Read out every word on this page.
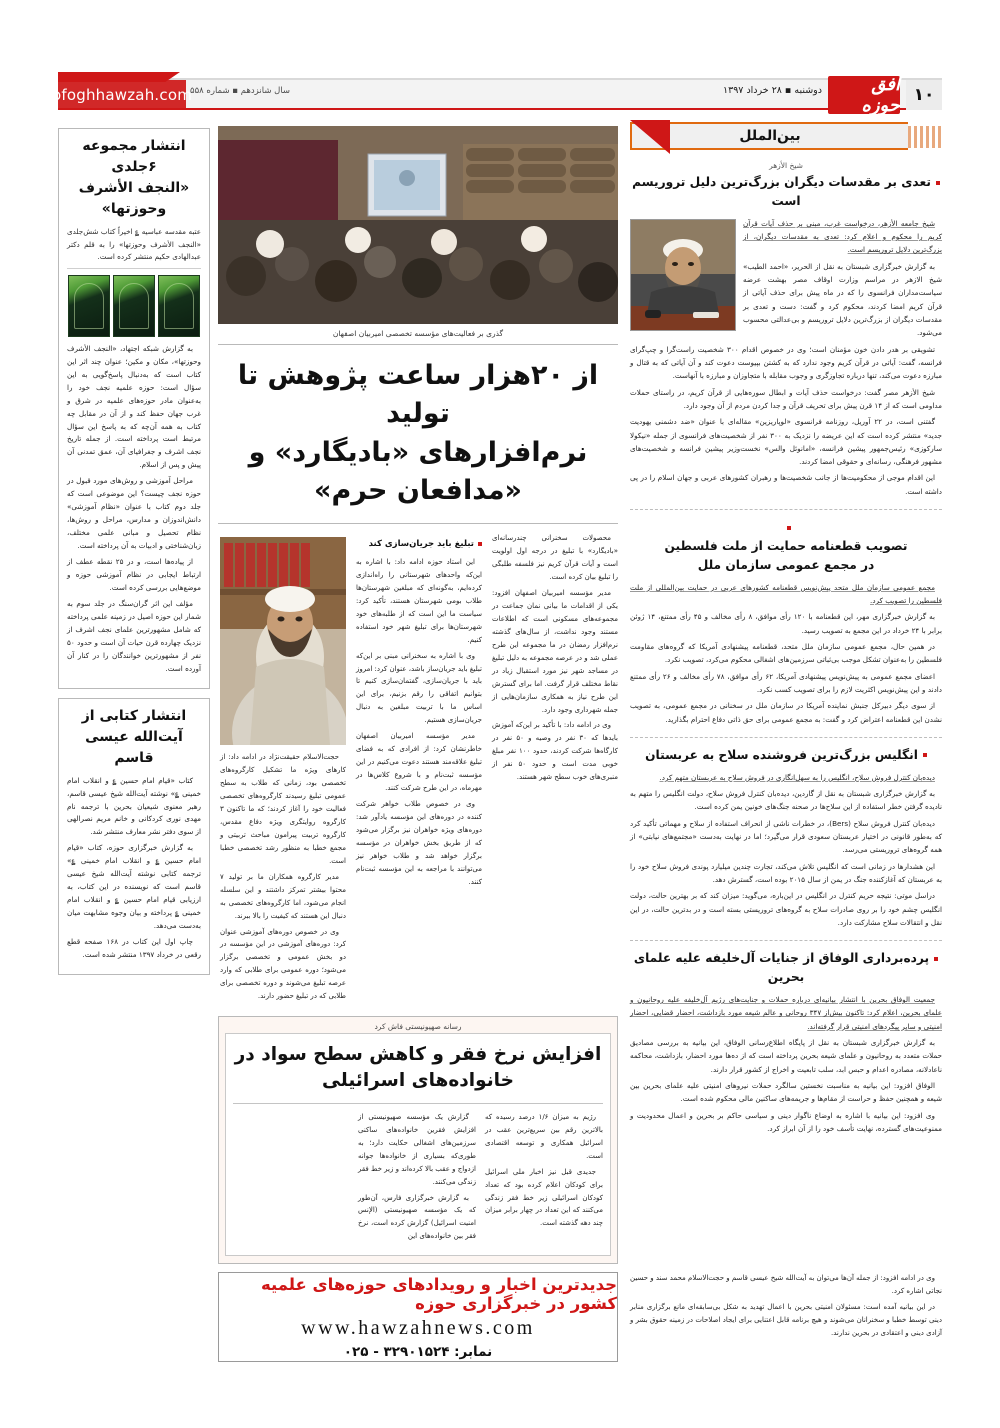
ofoghhawzah.com
سال شانزدهم ▪ شماره ۵۵۸	دوشنبه ▪ ۲۸ خرداد ۱۳۹۷	افق حوزه ۱۰
انتشار مجموعه ۶جلدی
«النجف الأشرف وحوزتها»
عتبه مقدسه عباسیه ؏ اخیراً کتاب شش‌جلدی «النجف الأشرف وحوزتها» را به قلم دکتر عبدالهادی حکیم منتشر کرده است.

به گزارش شبکه اجتهاد، «النجف الأشرف وحوزتها»، مکان و مکین؛ عنوان چند اثر این کتاب است که به‌دنبال پاسخ‌گویی به این سؤال است: حوزه علمیه نجف خود را به‌عنوان مادر حوزه‌های علمیه در شرق و غرب جهان حفظ کند و از آن در مقابل چه کتاب به همه آن‌چه که به پاسخ این سؤال مرتبط است پرداخته است. از جمله تاریخ نجف اشرف و جغرافیای آن، عمق تمدنی آن پیش و پس از اسلام.

مراحل آموزشی و روش‌های مورد قبول در حوزه نجف چیست؟ این موضوعی است که جلد دوم کتاب با عنوان «نظام آموزشی» دانش‌اندوزان و مدارس، مراحل و روش‌ها، نظام تحصیل و مبانی علمی مختلف، زبان‌شناختی و ادبیات به آن پرداخته است.

از پیاده‌ها است، و در ۲۵ نقطه عطف از ارتباط ایجابی در نظام آموزشی حوزه و موضع‌هایی بررسی کرده است.

مؤلف این اثر گران‌سنگ در جلد سوم به شمار این حوزه اصیل در زمینه علمی پرداخته که شامل مشهورترین علمای نجف اشرف از نزدیک چهارده قرن حیات آن است و حدود ۵۰ نفر از مشهورترین خوانندگان را در کنار آن آورده است.

انتشار کتابی از
آیت‌الله عیسی قاسم

کتاب «قیام امام حسین ؏ و انقلاب امام خمینی ؏» نوشته آیت‌الله شیخ عیسی قاسم، رهبر معنوی شیعیان بحرین با ترجمه نام مهدی نوری کردکانی و خانم مریم نصرالهی از سوی دفتر نشر معارف منتشر شد.

به گزارش خبرگزاری حوزه، کتاب «قیام امام حسین ؏ و انقلاب امام خمینی ؏» ترجمه کتابی نوشته آیت‌الله شیخ عیسی قاسم است که نویسنده در این کتاب، به ارزیابی قیام امام حسین ؏ و انقلاب امام خمینی ؏ پرداخته و بیان وجوه مشابهت میان به‌دست می‌دهد.

چاپ اول این کتاب در ۱۶۸ صفحه قطع رقعی در خرداد ۱۳۹۷ منتشر شده است.

گذری بر فعالیت‌های مؤسسه تخصصی امیربیان اصفهان
از ۲۰هزار ساعت پژوهش تا تولید
نرم‌افزارهای «بادیگارد» و «مدافعان حرم»

محصولات سخنرانی چندرسانه‌ای «بادیگارد» با تبلیغ در درجه اول اولویت است و آیات قرآن کریم نیز فلسفه طلبگی را تبلیغ بیان کرده است.

مدیر مؤسسه امیربیان اصفهان افزود: یکی از اقدامات ما بیانی نمان جماعت در مجموعه‌های مسکونی است که اطلاعات مستند وجود نداشت، از سال‌های گذشته نرم‌افزار رمضان در ما مجموعه این طرح عملی شد و در عرصه مجموعه به دلیل تبلیغ در مساجد شهر نیز مورد استقبال زیاد در نقاط مختلف قرار گرفت. اما برای گسترش این طرح نیاز به همکاری سازمان‌هایی از جمله شهرداری وجود دارد.

وی در ادامه داد: با تأکید بر این‌که آموزش باید‌ها که ۳۰ نفر در وصیه و ۵۰ نفر در کارگاه‌ها شرکت کردند، حدود ۱۰۰ نفر مبلغ خوبی مدت است و حدود ۵۰ نفر از منبری‌های خوب سطح شهر هستند.

تبلیغ باید جریان‌سازی کند

این استاد حوزه ادامه داد: با اشاره به این‌که واحدهای شهرستانی را راه‌اندازی کرده‌ایم، به‌گونه‌ای که مبلغین شهرستان‌ها طلاب بومی شهرستان هستند، تأکید کرد: سیاست ما این است که از طلبه‌های خود شهرستان‌ها برای تبلیغ شهر خود استفاده کنیم.

وی با اشاره به سخنرانی مبنی بر این‌که تبلیغ باید جریان‌ساز باشد، عنوان کرد: امروز باید با جریان‌سازی، گفتمان‌سازی کنیم تا بتوانیم اتفاقی را رقم بزنیم، برای این اساس ما با تربیت مبلغین به دنبال جریان‌سازی هستیم.

مدیر مؤسسه امیربیان اصفهان خاطرنشان کرد: از افرادی که به فضای تبلیغ علاقه‌مند هستند دعوت می‌کنیم در این مؤسسه ثبت‌نام و با شروع کلاس‌ها در مهرماه، در این طرح شرکت کنند.

وی در خصوص طلاب خواهر شرکت کننده در دوره‌های این مؤسسه یادآور شد: دوره‌های ویژه خواهران نیز برگزار می‌شود که از طریق بخش خواهران در مؤسسه برگزار خواهد شد و طلاب خواهر نیز می‌توانند با مراجعه به این مؤسسه ثبت‌نام کنند.

حجت‌الاسلام حقیقت‌نژاد در ادامه داد: از کارهای ویژه ما تشکیل کارگروه‌های تخصصی بود، زمانی که طلاب به سطح عمومی تبلیغ رسیدند کارگروه‌های تخصصی فعالیت خود را آغاز کردند؛ که ما تاکنون ۳ کارگروه روایتگری ویژه دفاع مقدس، کارگروه تربیت پیرامون مباحث تربیتی و مجمع خطبا به منظور رشد تخصصی خطبا است.

مدیر کارگروه همکاران ما بر تولید ۷ محتوا بیشتر تمرکز داشتند و این سلسله انجام می‌شود، اما کارگروه‌های تخصصی به دنبال این هستند که کیفیت را بالا ببرند.

وی در خصوص دوره‌های آموزشی عنوان کرد: دوره‌های آموزشی در این مؤسسه در دو بخش عمومی و تخصصی برگزار می‌شود؛ دوره عمومی برای طلابی که وارد عرصه تبلیغ می‌شوند و دوره تخصصی برای طلابی که در تبلیغ حضور دارند.

رسانه صهیونیستی فاش کرد
افزایش نرخ فقر و کاهش سطح سواد در خانواده‌های اسرائیلی

رژیم به میزان ۱/۶ درصد رسیده که بالاترین رقم بین سریع‌ترین عقب در اسرائیل همکاری و توسعه اقتصادی است.

جدیدی قبل نیز اخبار ملی اسرائیل برای کودکان اعلام کرده بود که تعداد کودکان اسرائیلی زیر خط فقر زندگی می‌کنند که این تعداد در چهار برابر میزان چند دهه گذشته است.

گزارش یک مؤسسه صهیونیستی از افزایش فقرین خانواده‌های ساکنی سرزمین‌های اشغالی حکایت دارد؛ به طوری‌که بسیاری از خانواده‌ها جوانه ازدواج و عقب بالا کرده‌اند و زیر خط فقر زندگی می‌کنند.

به گزارش خبرگزاری فارس، آن‌طور که یک مؤسسه صهیونیستی (الإنس امنیت اسرائیل) گزارش کرده است، نرخ فقر بین خانواده‌های این

بین‌الملل
شیخ الأزهر
تعدی بر مقدسات دیگران بزرگ‌ترین دلیل تروریسم است

شیخ جامعه الأزهر، درخواست غرب، مبنی بر حذف آیات قرآن کریم را محکوم و اعلام کرد: تعدی به مقدسات دیگران، از بزرگ‌ترین دلایل تروریسم است.

به گزارش خبرگزاری شبستان به نقل از الحریر، «احمد الطیب» شیخ الازهر در مراسم وزارت اوقاف مصر بهشت عرضه سیاست‌مداران فرانسوی را که در ماه پیش برای حذف آیاتی از قرآن کریم امضا کردند، محکوم کرد و گفت: دست و تعدی بر مقدسات دیگران از بزرگ‌ترین دلایل تروریسم و بی‌عدالتی محسوب می‌شود.

تشویقی بر هدر دادن خون مؤمنان است؛ وی در خصوص اقدام ۳۰۰ شخصیت راست‌گرا و چپ‌گرای فرانسه، گفت: آیاتی در قرآن کریم وجود ندارد که به کشتن بپیوست دعوت کند و آن آیاتی که به قتال و مبارزه دعوت می‌کند، تنها درباره تجاوزگری و وجوب مقابله با متجاوزان و مبارزه با آنهاست.

شیخ الأزهر مصر گفت: درخواست حذف آیات و ابطال سوره‌هایی از قرآن کریم، در راستای حملات مداومی است که از ۱۴ قرن پیش برای تحریف قرآن و جدا کردن مردم از آن وجود دارد.

گفتنی است، در ۲۲ آوریل، روزنامه فرانسوی «لوپاریزین» مقاله‌ای با عنوان «ضد دشمنی یهودیت جدید» منتشر کرده است که این عریضه را نزدیک به ۳۰۰ نفر از شخصیت‌های فرانسوی از جمله «نیکولا سارکوزی» رئیس‌جمهور پیشین فرانسه، «امانوئل والس» نخست‌وزیر پیشین فرانسه و شخصیت‌های مشهور فرهنگی، رسانه‌ای و حقوقی امضا کردند.

این اقدام موجی از محکومیت‌ها از جانب شخصیت‌ها و رهبران کشورهای عربی و جهان اسلام را در پی داشته است.

تصویب قطعنامه حمایت از ملت فلسطین
در مجمع عمومی سازمان ملل

مجمع عمومی سازمان ملل متحد پیش‌نویس قطعنامه کشورهای عربی در حمایت بین‌المللی از ملت فلسطین را تصویب کرد.

به گزارش خبرگزاری مهر، این قطعنامه با ۱۲۰ رأی موافق، ۸ رأی مخالف و ۴۵ رأی ممتنع، ۱۴ ژوئن برابر با ۲۴ خرداد در این مجمع به تصویب رسید.

در همین حال، مجمع عمومی سازمان ملل متحد، قطعنامه پیشنهادی آمریکا که گروه‌های مقاومت فلسطین را به‌عنوان تشکل موجب بی‌ثباتی سرزمین‌های اشغالی محکوم می‌کرد، تصویب نکرد.

اعضای مجمع عمومی به پیش‌نویس پیشنهادی آمریکا، ۶۲ رأی موافق، ۷۸ رأی مخالف و ۲۶ رأی ممتنع دادند و این پیش‌نویس اکثریت لازم را برای تصویب کسب نکرد.

از سوی دیگر دبیرکل جنبش نماینده آمریکا در سازمان ملل در سخنانی در مجمع عمومی، به تصویب نشدن این قطعنامه اعتراض کرد و گفت: به مجمع عمومی برای حق ذاتی دفاع احترام بگذارید.

انگلیس بزرگ‌ترین فروشنده سلاح به عربستان

دیده‌بان کنترل فروش سلاح، انگلیس را به سهل‌انگاری در فروش سلاح به عربستان متهم کرد.

به گزارش خبرگزاری شبستان به نقل از گاردین، دیده‌بان کنترل فروش سلاح، دولت انگلیس را متهم به نادیده گرفتن خطر استفاده از این سلاح‌ها در صحنه جنگ‌های خونین یمن کرده است.

دیده‌بان کنترل فروش سلاح (Bers)، در خطرات ناشی از انحراف استفاده از سلاح و مهماتی تأکید کرد که به‌طور قانونی در اختیار عربستان سعودی قرار می‌گیرد؛ اما در نهایت به‌دست «مجتمع‌های نیابتی» از همه گروه‌های تروریستی می‌رسد.

این هشدارها در زمانی است که انگلیس تلاش می‌کند، تجارت چندین میلیارد پوندی فروش سلاح خود را به عربستان که آغازکننده جنگ در یمن از سال ۲۰۱۵ بوده است، گسترش دهد.

دراسل موتی: نتیجه حریم کنترل در انگلیس در این‌باره، می‌گوید: میزان کند که بر بهترین حالت، دولت انگلیس چشم خود را بر روی صادرات سلاح به گروه‌های تروریستی بسته است و در بدترین حالت، در این نقل و انتقالات سلاح مشارکت دارد.

پرده‌برداری الوفاق از جنایات آل‌خلیفه علیه علمای بحرین

جمعیت الوفاق بحرین با انتشار بیانیه‌ای درباره حملات و جنایت‌های رژیم آل‌خلیفه علیه روحانیون و علمای بحرین، اعلام کرد: تاکنون بیش‌از ۳۴۷ روحانی و عالم شیعه مورد بازداشت، احضار قضایی، احضار امنیتی و سایر پیگردهای امنیتی قرار گرفته‌اند.

به گزارش خبرگزاری شبستان به نقل از پایگاه اطلاع‌رسانی الوفاق، این بیانیه به بررسی مصادیق حملات متعدد به روحانیون و علمای شیعه بحرین پرداخته است که از ده‌ها مورد احضار، بازداشت، محاکمه ناعادلانه، مصادره اعدام و حبس ابد، سلب تابعیت و اخراج از کشور قرار دارند.

الوفاق افزود: این بیانیه به مناسبت نخستین سالگرد حملات نیروهای امنیتی علیه علمای بحرین بین شیعه و همچنین حفظ و حراست از مقام‌ها و جریمه‌های ساکنین مالی محکوم شده است.

وی افزود: این بیانیه با اشاره به اوضاع ناگوار دینی و سیاسی حاکم بر بحرین و اعمال محدودیت و ممنوعیت‌های گسترده، نهایت تأسف خود را از آن ابراز کرد.

جدیدترین اخبار و رویدادهای حوزه‌های علمیه کشور در خبرگزاری حوزه
www.hawzahnews.com
نمابر: ۳۲۹۰۱۵۲۴ - ۰۲۵

وی در ادامه افزود: از جمله آن‌ها می‌توان به آیت‌الله شیخ عیسی قاسم و حجت‌الاسلام محمد سند و حسین نجاتی اشاره کرد.

در این بیانیه آمده است: مسئولان امنیتی بحرین با اعمال تهدید به شکل بی‌سابقه‌ای مانع برگزاری منابر دینی توسط خطبا و سخنرانان می‌شوند و هیچ برنامه قابل اعتنایی برای ایجاد اصلاحات در زمینه حقوق بشر و آزادی دینی و اعتقادی در بحرین ندارند.
